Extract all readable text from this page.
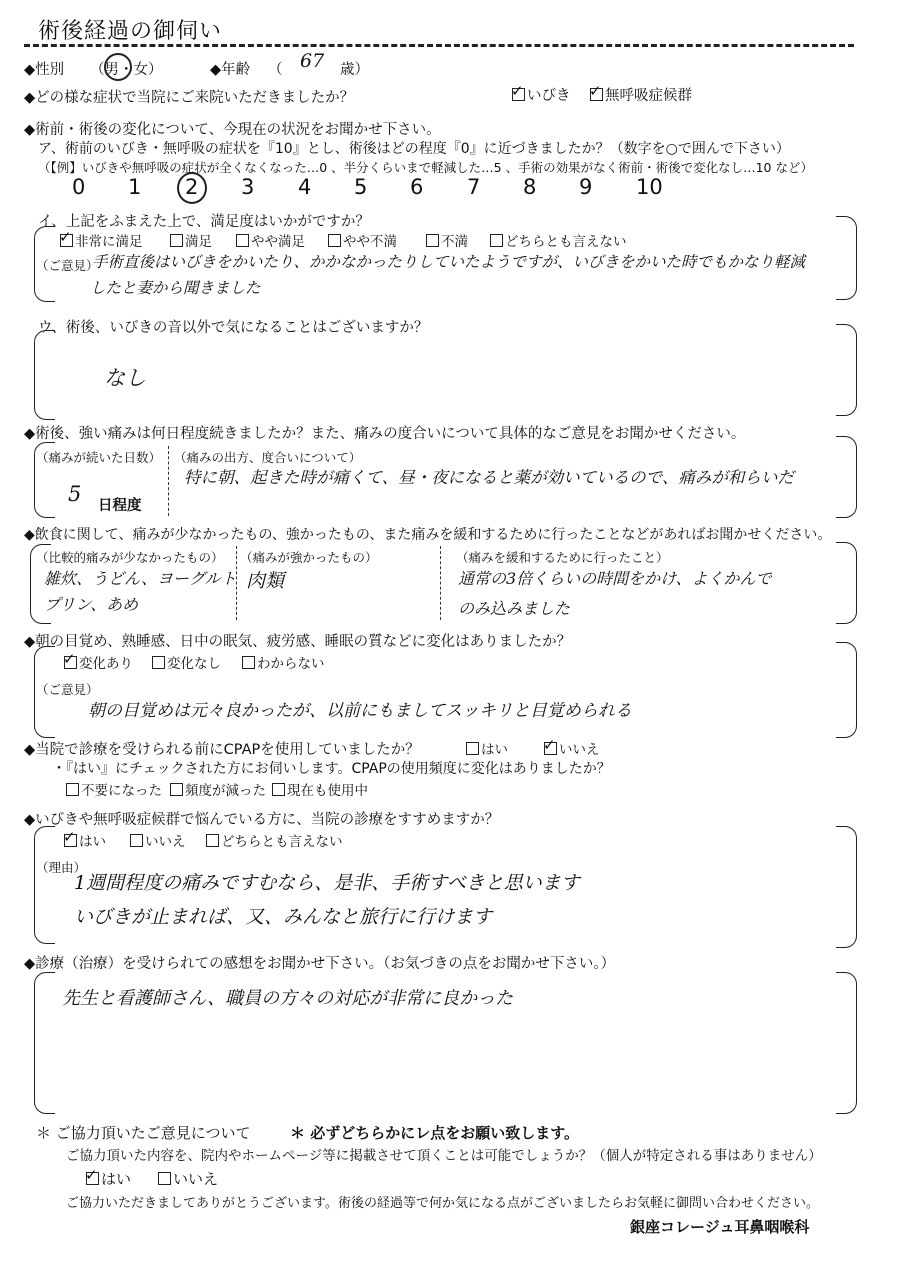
術後経過の御伺い
◆性別 （男・女）	◆年齢 （ 67 歳）
◆どの様な症状で当院にご来院いただきましたか？	✓ いびき ✓ 無呼吸症候群
◆術前・術後の変化について、今現在の状況をお聞かせ下さい。
ア、術前のいびき・無呼吸の症状を『10』とし、術後はどの程度『0』に近づきましたか？（数字を○で囲んで下さい）
（【例】いびきや無呼吸の症状が全くなくなった…0 、半分くらいまで軽減した…5 、手術の効果がなく術前・術後で変化なし…10 など）
0 1 2 3 4 5 6 7 8 9 10
イ、上記をふまえた上で、満足度はいかがですか？
✓ 非常に満足	満足	やや満足	やや不満	不満	どちらとも言えない
（ご意見）
手術直後はいびきをかいたり、かかなかったりしていたようですが、いびきをかいた時でもかなり軽減
したと妻から聞きました
ウ、術後、いびきの音以外で気になることはございますか？
なし
◆術後、強い痛みは何日程度続きましたか？また、痛みの度合いについて具体的なご意見をお聞かせください。
（痛みが続いた日数）
5 日程度
（痛みの出方、度合いについて）
特に朝、起きた時が痛くて、昼・夜になると薬が効いているので、痛みが和らいだ
◆飲食に関して、痛みが少なかったもの、強かったもの、また痛みを緩和するために行ったことなどがあればお聞かせください。
（比較的痛みが少なかったもの）
雑炊、うどん、ヨーグルト
プリン、あめ
（痛みが強かったもの）
肉類
（痛みを緩和するために行ったこと）
通常の3倍くらいの時間をかけ、よくかんで
のみ込みました
◆朝の目覚め、熟睡感、日中の眠気、疲労感、睡眠の質などに変化はありましたか？
✓ 変化あり	変化なし	わからない
（ご意見）
朝の目覚めは元々良かったが、以前にもましてスッキリと目覚められる
◆当院で診療を受けられる前にCPAPを使用していましたか？	はい ✓ いいえ
・『はい』にチェックされた方にお伺いします。CPAPの使用頻度に変化はありましたか？
不要になった	頻度が減った	現在も使用中
◆いびきや無呼吸症候群で悩んでいる方に、当院の診療をすすめますか？
✓ はい	いいえ	どちらとも言えない
（理由）
1週間程度の痛みですむなら、是非、手術すべきと思います
いびきが止まれば、又、みんなと旅行に行けます
◆診療（治療）を受けられての感想をお聞かせ下さい。（お気づきの点をお聞かせ下さい。）
先生と看護師さん、職員の方々の対応が非常に良かった
＊ ご協力頂いたご意見について	＊ 必ずどちらかにレ点をお願い致します。
ご協力頂いた内容を、院内やホームページ等に掲載させて頂くことは可能でしょうか？（個人が特定される事はありません）
✓ はい	いいえ
ご協力いただきましてありがとうございます。術後の経過等で何か気になる点がございましたらお気軽に御問い合わせください。
銀座コレージュ耳鼻咽喉科
